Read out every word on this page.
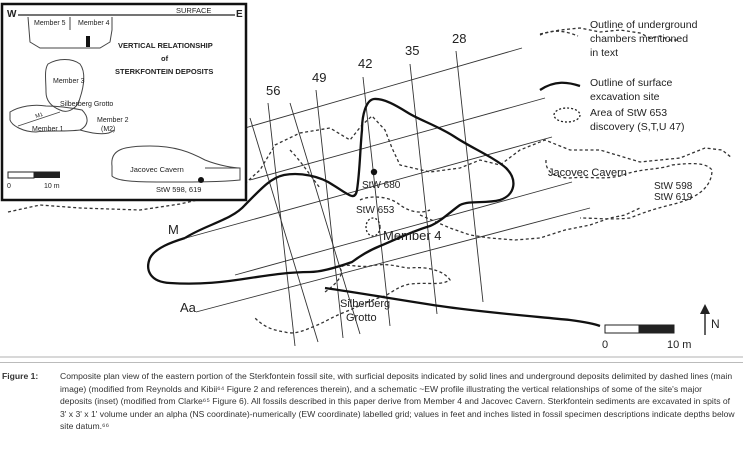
56
49
42
35
28
M
Aa
StW 680
StW 653
Member 4
Jacovec Cavern
StW 598
StW 619
Silberberg
Grotto	N
0	10 m
Outline of underground
chambers mentioned
in text
Outline of surface
excavation site
Area of StW 653
discovery (S,T,U 47)
W	E
SURFACE
Member 5 Member 4
Member 3
Silberberg Grotto
M1
Member 1
Member 2
(M2)
Jacovec Cavern
StW 598, 619
VERTICAL RELATIONSHIP
of
STERKFONTEIN DEPOSITS
0	10 m
Figure 1:	Composite plan view of the eastern portion of the Sterkfontein fossil site, with surficial deposits indicated by solid lines and underground deposits delimited by dashed lines (main image) (modified from Reynolds and Kibii⁶⁴ Figure 2 and references therein), and a schematic ~EW profile illustrating the vertical relationships of some of the site's major deposits (inset) (modified from Clarke⁶⁵ Figure 6). All fossils described in this paper derive from Member 4 and Jacovec Cavern. Sterkfontein sediments are excavated in spits of 3' x 3' x 1' volume under an alpha (NS coordinate)-numerically (EW coordinate) labelled grid; values in feet and inches listed in fossil specimen descriptions indicate depths below site datum.⁶⁶
